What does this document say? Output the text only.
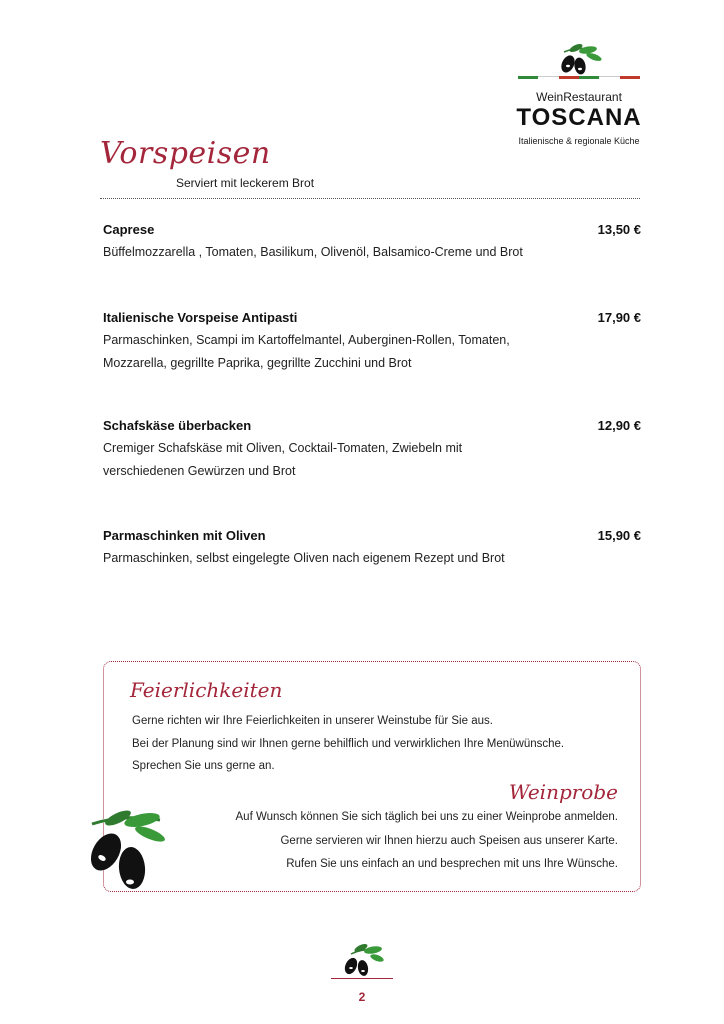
WeinRestaurant
TOSCANA
Italienische & regionale Küche
Vorspeisen
Serviert mit leckerem Brot
Caprese	13,50 €
Büffelmozzarella , Tomaten, Basilikum, Olivenöl, Balsamico-Creme und Brot
Italienische Vorspeise Antipasti	17,90 €
Parmaschinken, Scampi im Kartoffelmantel, Auberginen-Rollen, Tomaten, Mozzarella, gegrillte Paprika, gegrillte Zucchini und Brot
Schafskäse überbacken	12,90 €
Cremiger Schafskäse mit Oliven, Cocktail-Tomaten, Zwiebeln mit verschiedenen Gewürzen und Brot
Parmaschinken mit Oliven	15,90 €
Parmaschinken, selbst eingelegte Oliven nach eigenem Rezept und Brot
Feierlichkeiten
Gerne richten wir Ihre Feierlichkeiten in unserer Weinstube für Sie aus.
Bei der Planung sind wir Ihnen gerne behilflich und verwirklichen Ihre Menüwünsche.
Sprechen Sie uns gerne an.
Weinprobe
Auf Wunsch können Sie sich täglich bei uns zu einer Weinprobe anmelden.
Gerne servieren wir Ihnen hierzu auch Speisen aus unserer Karte.
Rufen Sie uns einfach an und besprechen mit uns Ihre Wünsche.
2
